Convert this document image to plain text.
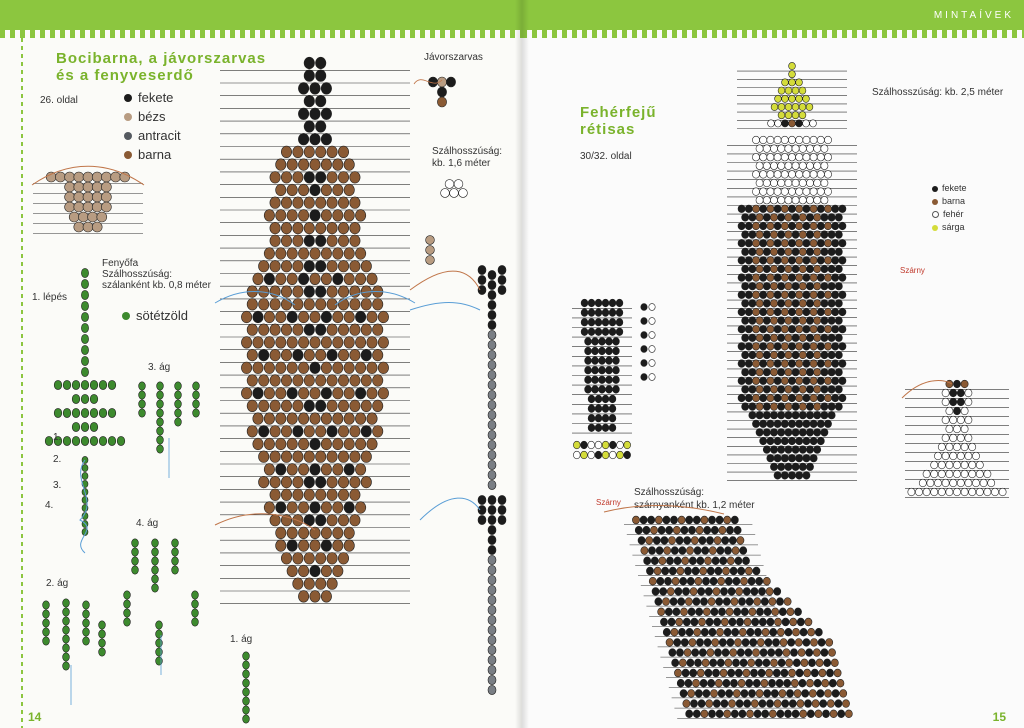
Bocibarna, a jávorszarvas
és a fenyveserdő
26. oldal	fekete
bézs
antracit
barna
Fenyőfa
Szálhosszúság:
szálanként kb. 0,8 méter
sötétzöld
1. lépés
1.
2.
3.
4.
3. ág
4. ág
2. ág
1. ág
Jávorszarvas
Szálhosszúság:
kb. 1,6 méter
14
MINTAÍVEK
Fehérfejű
rétisas
30/32. oldal
Szálhosszúság: kb. 2,5 méter
fekete
barna
fehér
sárga
Szárny
Szárny
Szálhosszúság:
szárnyanként kb. 1,2 méter
15
